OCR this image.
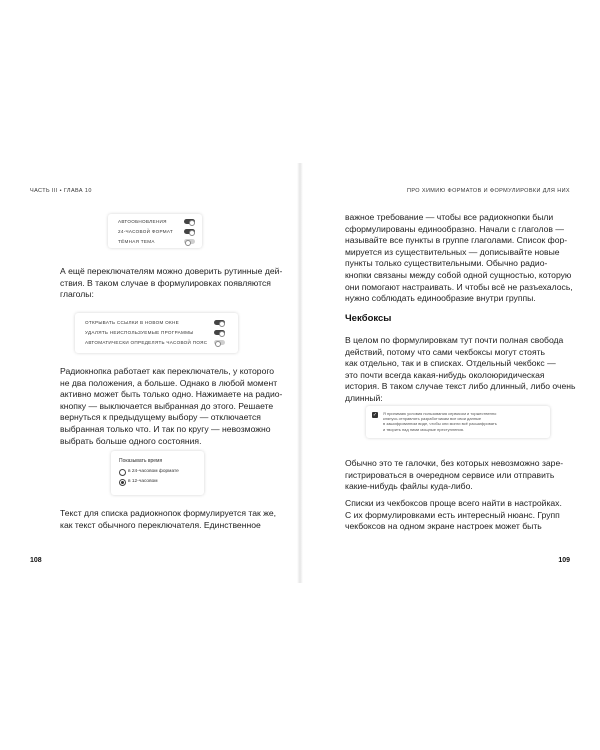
ЧАСТЬ III • ГЛАВА 10
АВТООБНОВЛЕНИЯ
24-ЧАСОВОЙ ФОРМАТ
ТЁМНАЯ ТЕМА

А ещё переключателям можно доверить рутинные дей-

ствия. В таком случае в формулировках появляются

глаголы:

ОТКРЫВАТЬ ССЫЛКИ В НОВОМ ОКНЕ
УДАЛЯТЬ НЕИСПОЛЬЗУЕМЫЕ ПРОГРАММЫ
АВТОМАТИЧЕСКИ ОПРЕДЕЛЯТЬ ЧАСОВОЙ ПОЯС

Радиокнопка работает как переключатель, у которого

не два положения, а больше. Однако в любой момент

активно может быть только одно. Нажимаете на радио-

кнопку — выключается выбранная до этого. Решаете

вернуться к предыдущему выбору — отключается

выбранная только что. И так по кругу — невозможно

выбрать больше одного состояния.

Показывать время
в 24-часовом формате
в 12-часовом

Текст для списка радиокнопок формулируется так же,

как текст обычного переключателя. Единственное

108
ПРО ХИМИЮ ФОРМАТОВ И ФОРМУЛИРОВКИ ДЛЯ НИХ

важное требование — чтобы все радиокнопки были

сформулированы единообразно. Начали с глаголов —

называйте все пункты в группе глаголами. Список фор-

мируется из существительных — дописывайте новые

пункты только существительными. Обычно радио-

кнопки связаны между собой одной сущностью, которую

они помогают настраивать. И чтобы всё не разъехалось,

нужно соблюдать единообразие внутри группы.

Чекбоксы

В целом по формулировкам тут почти полная свобода

действий, потому что сами чекбоксы могут стоять

как отдельно, так и в списках. Отдельный чекбокс —

это почти всегда какая-нибудь околоюридическая

история. В таком случае текст либо длинный, либо очень

длинный:

✓ Я принимаю условия пользования сервисом и торжественно
клянусь отправлять разработчикам все свои данные
в зашифрованном виде, чтобы они могли всё расшифровать
и творить над ними мощные преступления.

Обычно это те галочки, без которых невозможно заре-

гистрироваться в очередном сервисе или отправить

какие-нибудь файлы куда-либо.

Списки из чекбоксов проще всего найти в настройках.

С их формулировками есть интересный нюанс. Групп

чекбоксов на одном экране настроек может быть

109
